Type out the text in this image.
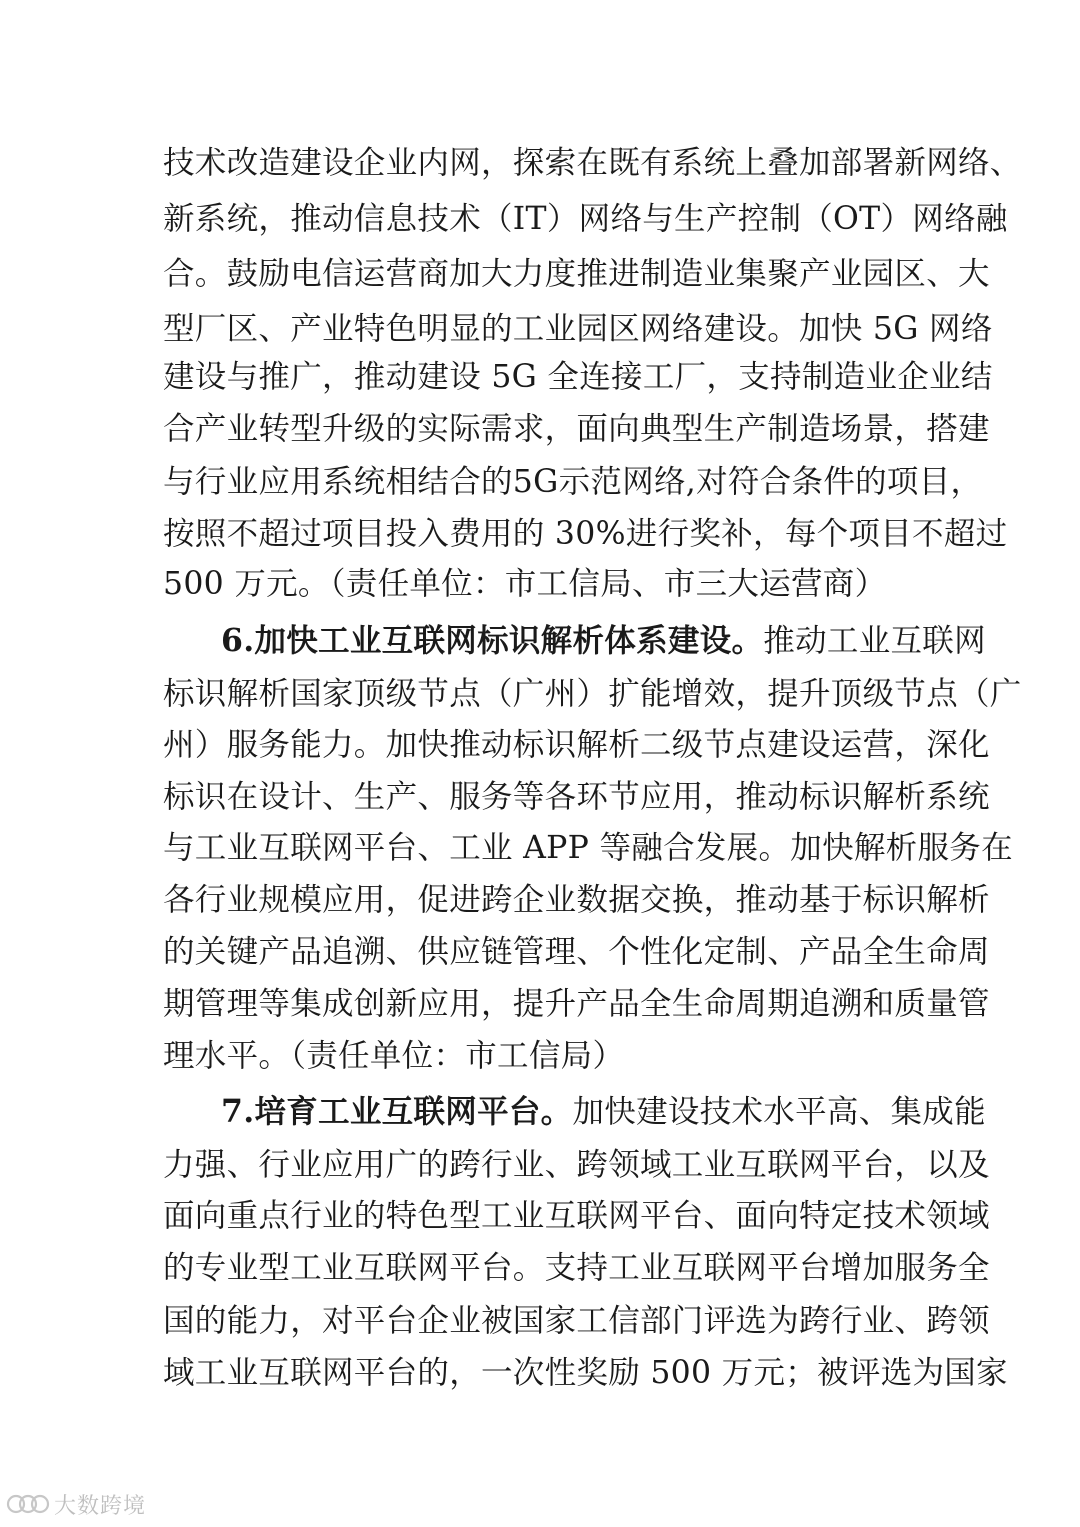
技术改造建设企业内网，探索在既有系统上叠加部署新网络、
新系统，推动信息技术（IT）网络与生产控制（OT）网络融
合。鼓励电信运营商加大力度推进制造业集聚产业园区、大
型厂区、产业特色明显的工业园区网络建设。加快 5G 网络
建设与推广，推动建设 5G 全连接工厂，支持制造业企业结
合产业转型升级的实际需求，面向典型生产制造场景，搭建
与行业应用系统相结合的5G示范网络,对符合条件的项目，
按照不超过项目投入费用的 30%进行奖补，每个项目不超过
500 万元。（责任单位：市工信局、市三大运营商）
6.加快工业互联网标识解析体系建设。推动工业互联网
标识解析国家顶级节点（广州）扩能增效，提升顶级节点（广
州）服务能力。加快推动标识解析二级节点建设运营，深化
标识在设计、生产、服务等各环节应用，推动标识解析系统
与工业互联网平台、工业 APP 等融合发展。加快解析服务在
各行业规模应用，促进跨企业数据交换，推动基于标识解析
的关键产品追溯、供应链管理、个性化定制、产品全生命周
期管理等集成创新应用，提升产品全生命周期追溯和质量管
理水平。（责任单位：市工信局）
7.培育工业互联网平台。加快建设技术水平高、集成能
力强、行业应用广的跨行业、跨领域工业互联网平台，以及
面向重点行业的特色型工业互联网平台、面向特定技术领域
的专业型工业互联网平台。支持工业互联网平台增加服务全
国的能力，对平台企业被国家工信部门评选为跨行业、跨领
域工业互联网平台的，一次性奖励 500 万元；被评选为国家
大数跨境
